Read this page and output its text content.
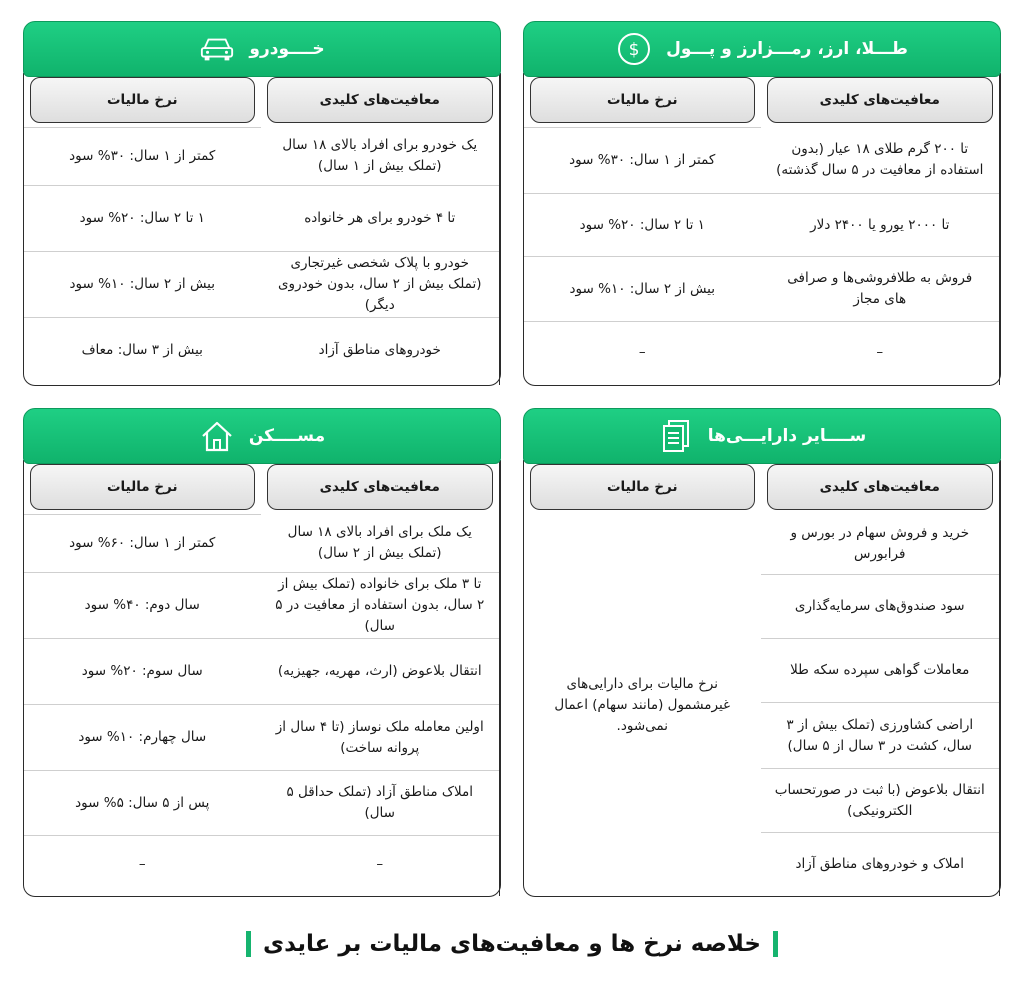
$ طـــلا، ارز، رمـــزارز و پـــول
نرخ مالیات
کمتر از ۱ سال: ۳۰% سود
۱ تا ۲ سال: ۲۰% سود
بیش از ۲ سال: ۱۰% سود
–
معافیت‌های کلیدی
تا ۲۰۰ گرم طلای ۱۸ عیار (بدون استفاده از معافیت در ۵ سال گذشته)
تا ۲۰۰۰ یورو یا ۲۴۰۰ دلار
فروش به طلافروشی‌ها و صرافی های مجاز
–
خــــودرو
نرخ مالیات
کمتر از ۱ سال: ۳۰% سود
۱ تا ۲ سال: ۲۰% سود
بیش از ۲ سال: ۱۰% سود
بیش از ۳ سال: معاف
معافیت‌های کلیدی
یک خودرو برای افراد بالای ۱۸ سال (تملک بیش از ۱ سال)
تا ۴ خودرو برای هر خانواده
خودرو با پلاک شخصی غیرتجاری (تملک بیش از ۲ سال، بدون خودروی دیگر)
خودروهای مناطق آزاد
ســــایر دارایـــی‌ها
نرخ مالیات
نرخ مالیات برای دارایی‌های غیرمشمول (مانند سهام) اعمال نمی‌شود.
معافیت‌های کلیدی
خرید و فروش سهام در بورس و فرابورس
سود صندوق‌های سرمایه‌گذاری
معاملات گواهی سپرده سکه طلا
اراضی کشاورزی (تملک بیش از ۳ سال، کشت در ۳ سال از ۵ سال)
انتقال بلاعوض (با ثبت در صورتحساب الکترونیکی)
املاک و خودروهای مناطق آزاد
مســــکن
نرخ مالیات
کمتر از ۱ سال: ۶۰% سود
سال دوم: ۴۰% سود
سال سوم: ۲۰% سود
سال چهارم: ۱۰% سود
پس از ۵ سال: ۵% سود
–
معافیت‌های کلیدی
یک ملک برای افراد بالای ۱۸ سال (تملک بیش از ۲ سال)
تا ۳ ملک برای خانواده (تملک بیش از ۲ سال، بدون استفاده از معافیت در ۵ سال)
انتقال بلاعوض (ارث، مهریه، جهیزیه)
اولین معامله ملک نوساز (تا ۴ سال از پروانه ساخت)
املاک مناطق آزاد (تملک حداقل ۵ سال)
–
خلاصه نرخ ها و معافیت‌های مالیات بر عایدی
